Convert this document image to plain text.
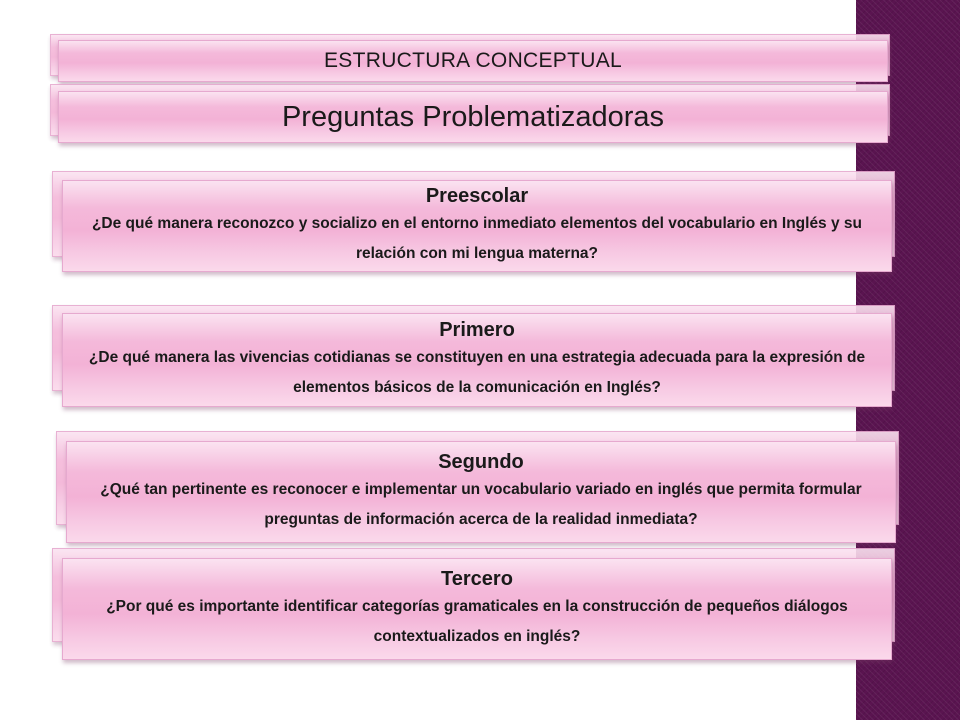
ESTRUCTURA CONCEPTUAL
Preguntas Problematizadoras
Preescolar
¿De qué manera reconozco y socializo en el entorno inmediato elementos del vocabulario en Inglés y su relación con mi lengua materna?
Primero
¿De qué manera las vivencias cotidianas se constituyen en una estrategia adecuada para la expresión de elementos básicos de la comunicación en Inglés?
Segundo
¿Qué tan pertinente es reconocer e implementar un vocabulario variado en inglés que permita formular preguntas de información acerca de la realidad inmediata?
Tercero
¿Por qué es importante identificar categorías gramaticales en la construcción de pequeños diálogos contextualizados en inglés?
